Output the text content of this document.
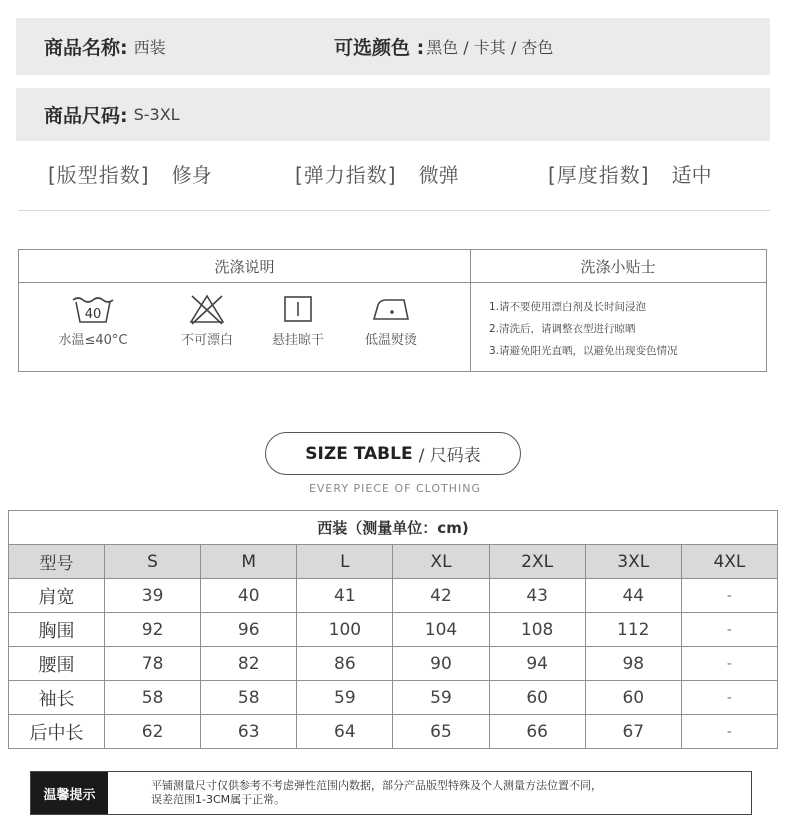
商品名称: 西装	可选颜色 : 黑色 / 卡其 / 杏色
商品尺码: S-3XL
[版型指数] 修身	[弹力指数] 微弹	[厚度指数] 适中
洗涤说明	洗涤小贴士
40
水温≤40°C	不可漂白	悬挂晾干	低温熨烫
1.请不要使用漂白剂及长时间浸泡
2.清洗后，请调整衣型进行晾晒
3.请避免阳光直晒，以避免出现变色情况
SIZE TABLE / 尺码表
EVERY PIECE OF CLOTHING
西装（测量单位：cm)							
型号	S	M	L	XL	2XL	3XL	4XL
肩宽	39	40	41	42	43	44	-
胸围	92	96	100	104	108	112	-
腰围	78	82	86	90	94	98	-
袖长	58	58	59	59	60	60	-
后中长	62	63	64	65	66	67	-
温馨提示
平铺测量尺寸仅供参考不考虑弹性范围内数据，部分产品版型特殊及个人测量方法位置不同，
误差范围1-3CM属于正常。
